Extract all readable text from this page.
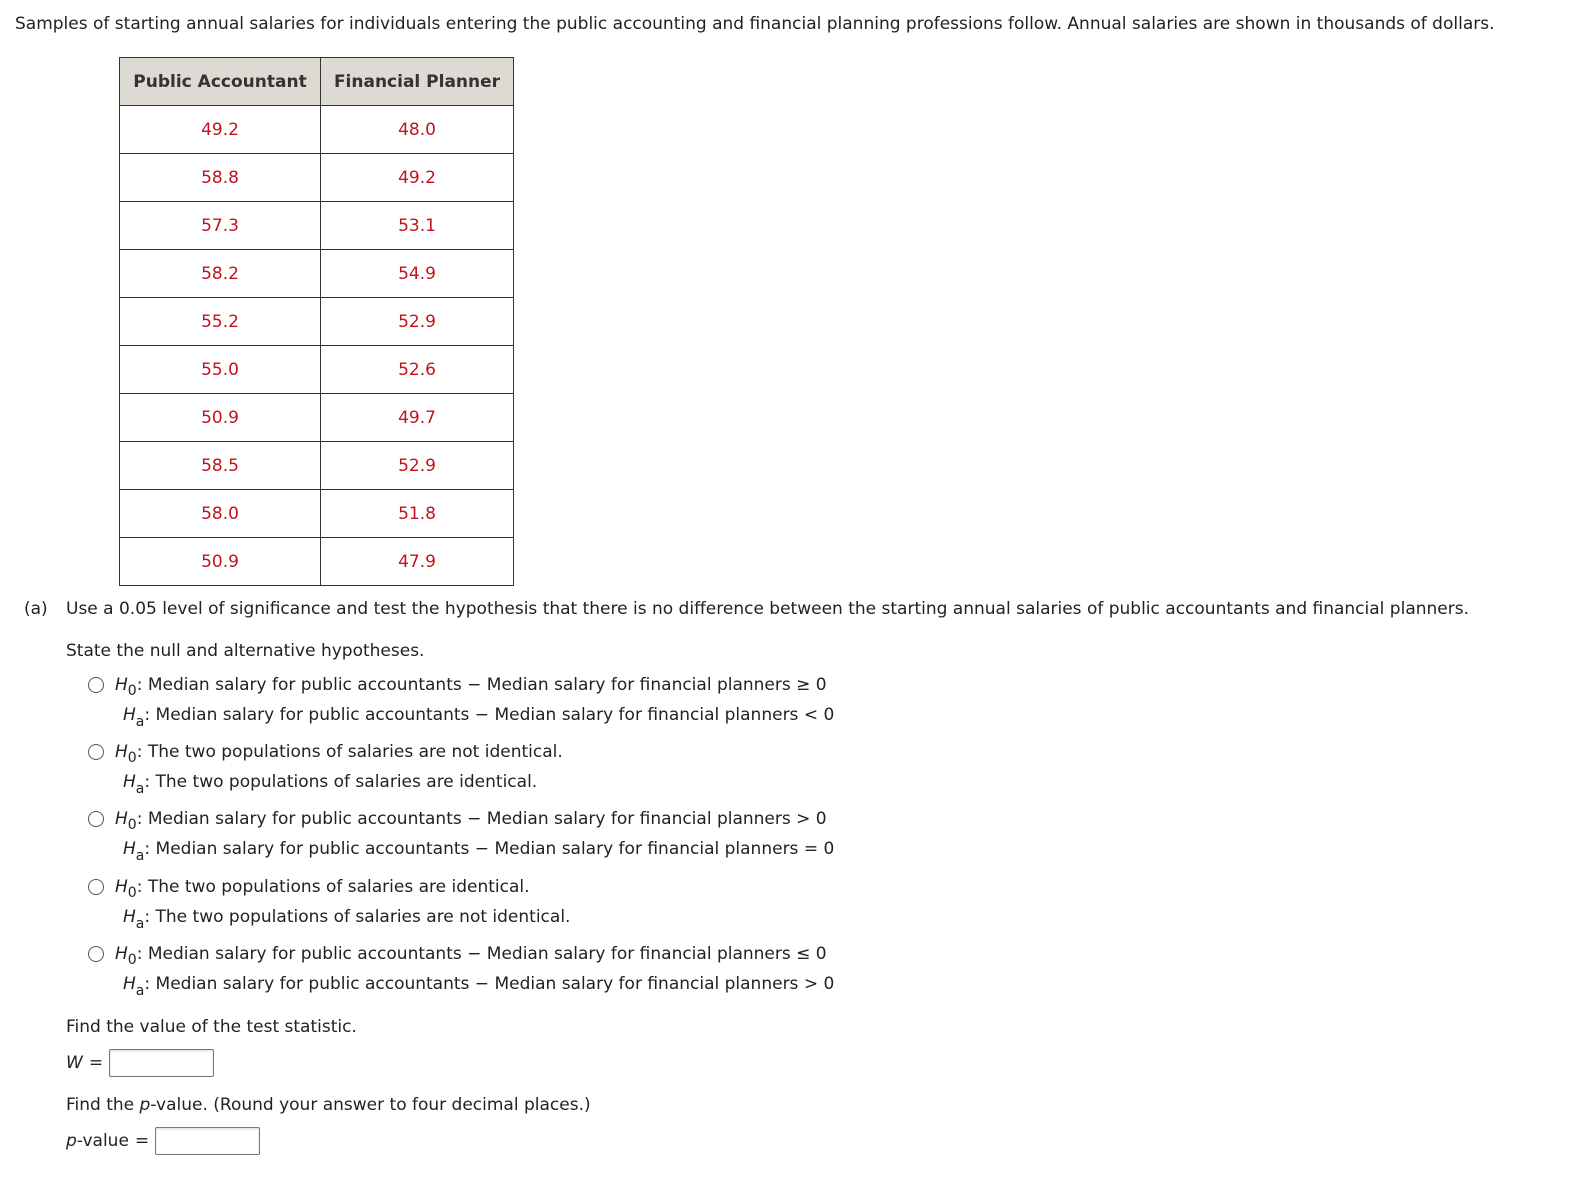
Samples of starting annual salaries for individuals entering the public accounting and financial planning professions follow. Annual salaries are shown in thousands of dollars.
Public Accountant	Financial Planner
49.2	48.0
58.8	49.2
57.3	53.1
58.2	54.9
55.2	52.9
55.0	52.6
50.9	49.7
58.5	52.9
58.0	51.8
50.9	47.9
(a) Use a 0.05 level of significance and test the hypothesis that there is no difference between the starting annual salaries of public accountants and financial planners.
State the null and alternative hypotheses.
$H_0$: Median salary for public accountants − Median salary for financial planners ≥ 0
$H_a$: Median salary for public accountants − Median salary for financial planners < 0
$H_0$: The two populations of salaries are not identical.
$H_a$: The two populations of salaries are identical.
$H_0$: Median salary for public accountants − Median salary for financial planners > 0
$H_a$: Median salary for public accountants − Median salary for financial planners = 0
$H_0$: The two populations of salaries are identical.
$H_a$: The two populations of salaries are not identical.
$H_0$: Median salary for public accountants − Median salary for financial planners ≤ 0
$H_a$: Median salary for public accountants − Median salary for financial planners > 0
Find the value of the test statistic.
W =
Find the p-value. (Round your answer to four decimal places.)
p-value =
